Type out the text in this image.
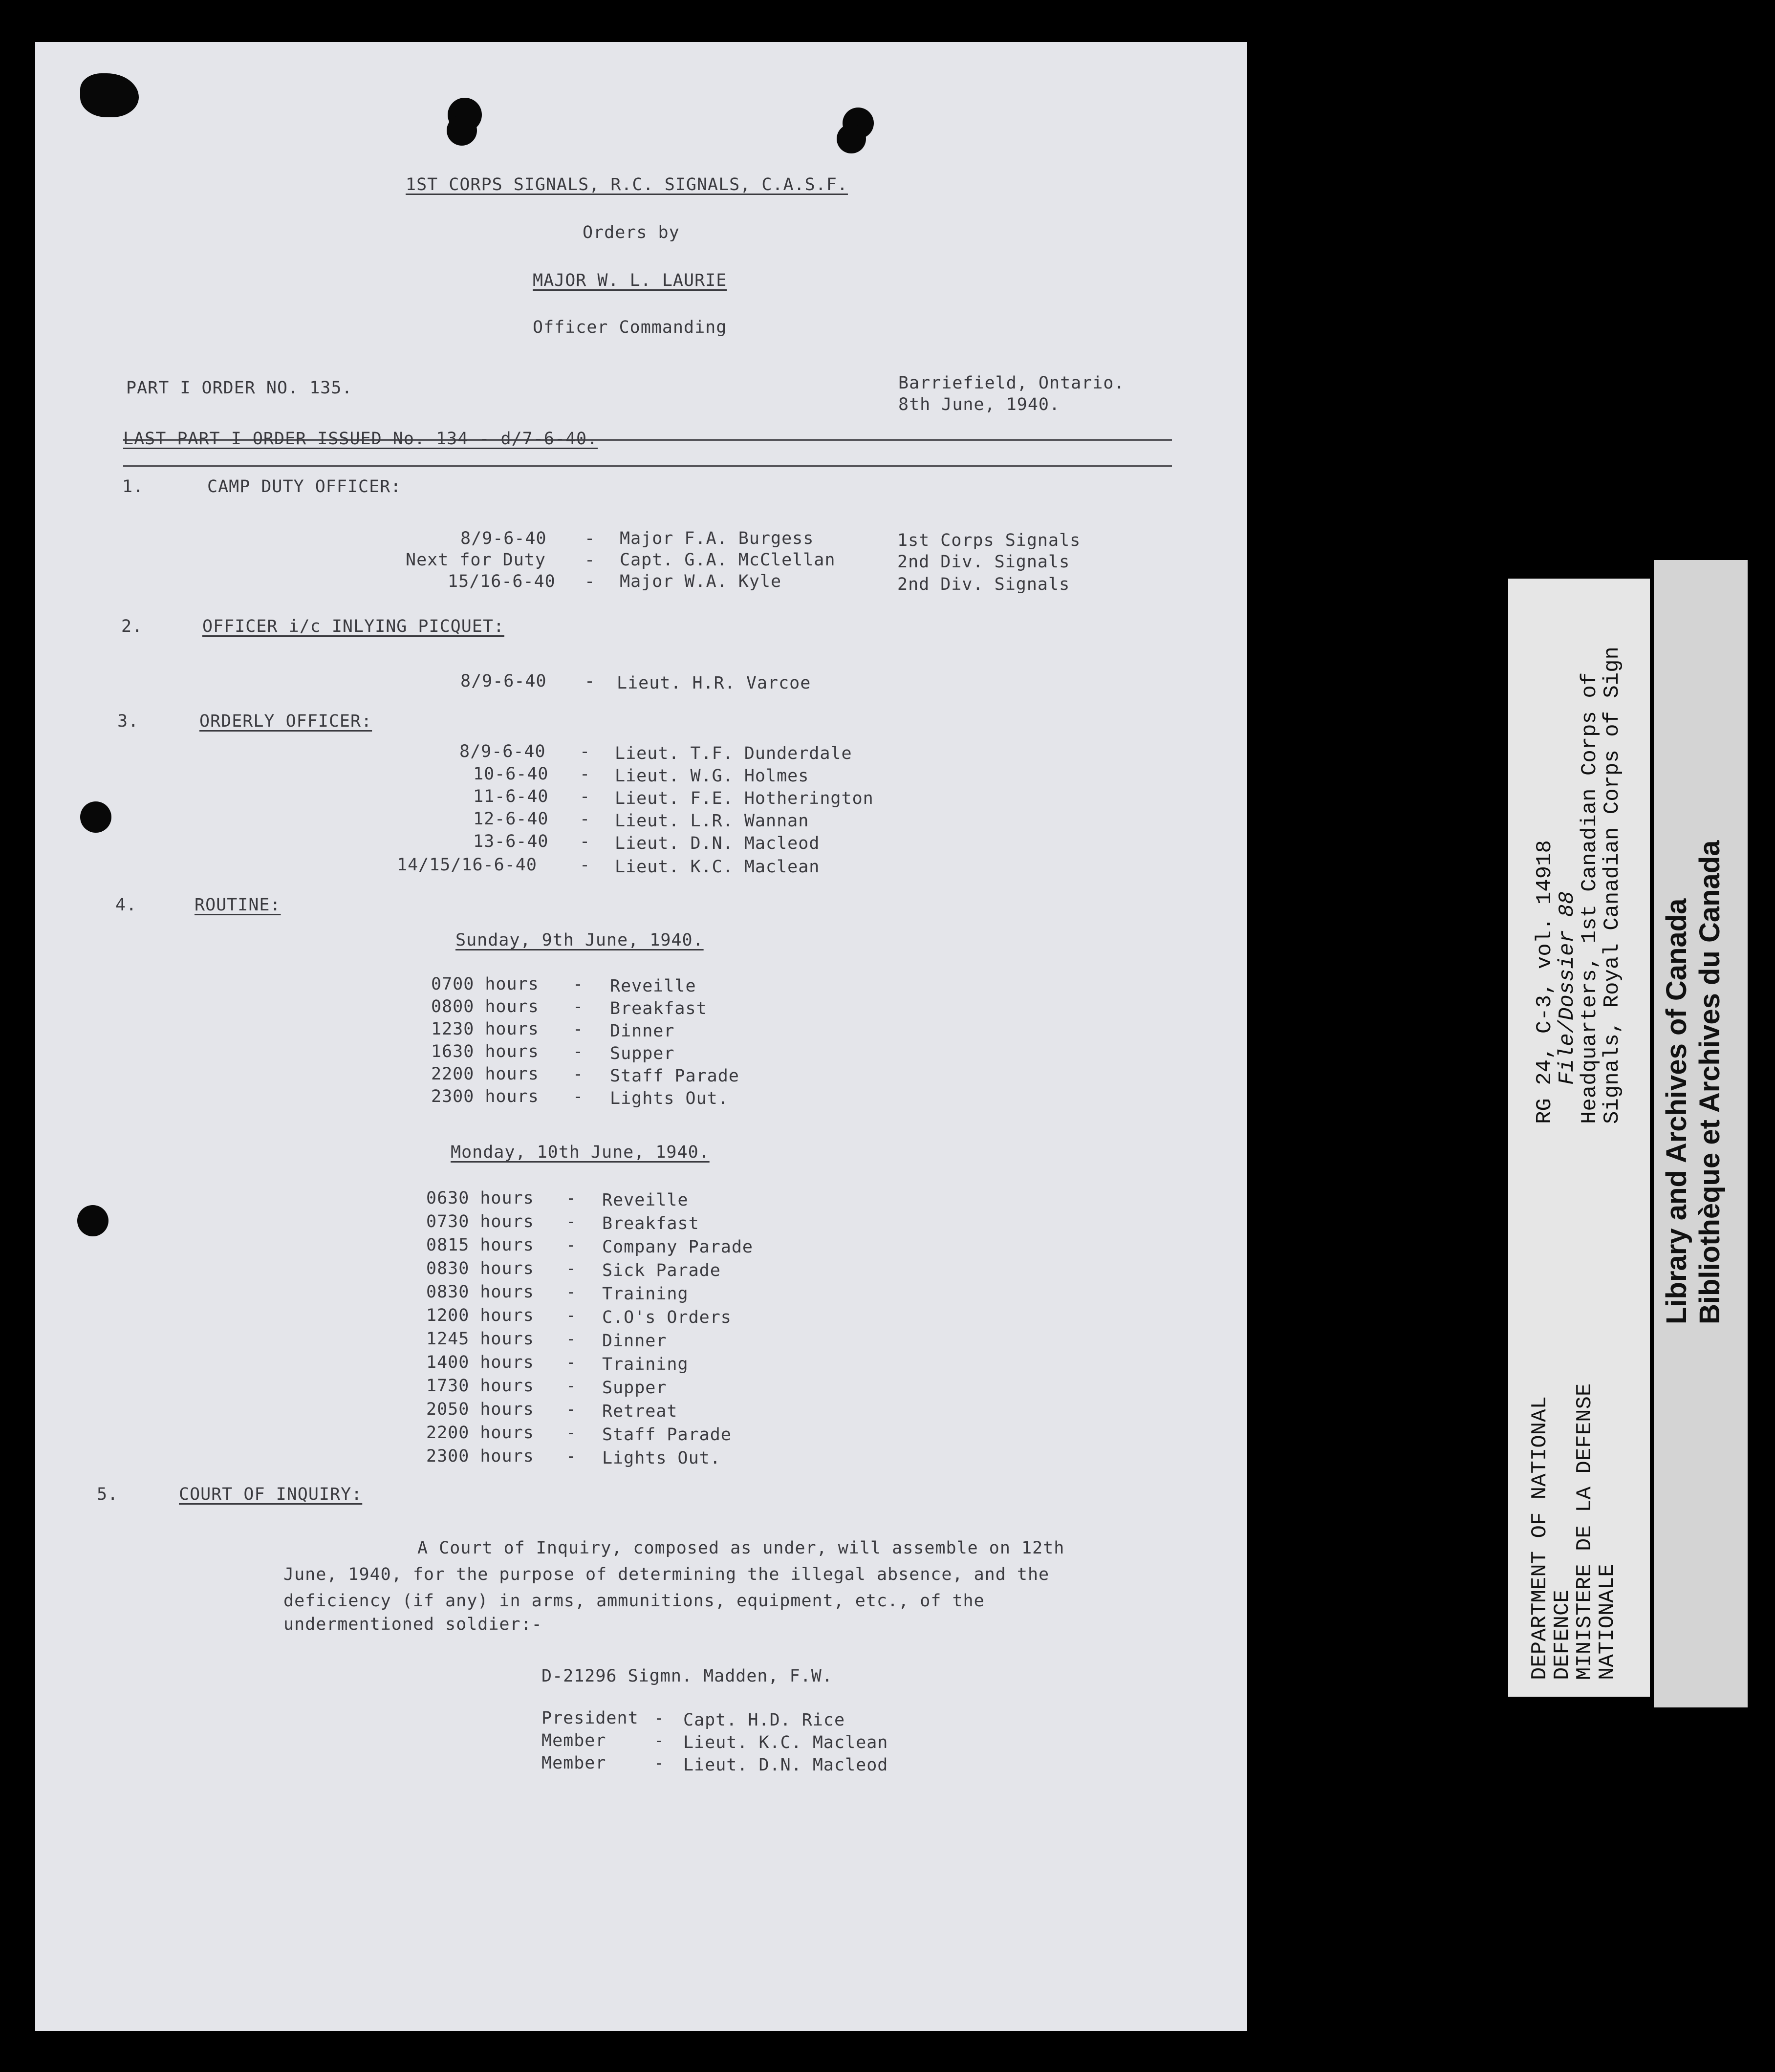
1ST CORPS SIGNALS, R.C. SIGNALS, C.A.S.F.
Orders by
MAJOR W. L. LAURIE
Officer Commanding
PART I ORDER NO. 135.	Barriefield, Ontario.
8th June, 1940.
LAST PART I ORDER ISSUED No. 134 - d/7-6-40.
1.	CAMP DUTY OFFICER:
8/9-6-40 - Major F.A. Burgess	1st Corps Signals
Next for Duty - Capt. G.A. McClellan	2nd Div. Signals
15/16-6-40 - Major W.A. Kyle	2nd Div. Signals
2.	OFFICER i/c INLYING PICQUET:
8/9-6-40 - Lieut. H.R. Varcoe
3.	ORDERLY OFFICER:
8/9-6-40 - Lieut. T.F. Dunderdale
10-6-40 - Lieut. W.G. Holmes
11-6-40 - Lieut. F.E. Hotherington
12-6-40 - Lieut. L.R. Wannan
13-6-40 - Lieut. D.N. Macleod
14/15/16-6-40 - Lieut. K.C. Maclean
4.	ROUTINE:
Sunday, 9th June, 1940.
0700 hours - Reveille
0800 hours - Breakfast
1230 hours - Dinner
1630 hours - Supper
2200 hours - Staff Parade
2300 hours - Lights Out.
Monday, 10th June, 1940.
0630 hours - Reveille
0730 hours - Breakfast
0815 hours - Company Parade
0830 hours - Sick Parade
0830 hours - Training
1200 hours - C.O's Orders
1245 hours - Dinner
1400 hours - Training
1730 hours - Supper
2050 hours - Retreat
2200 hours - Staff Parade
2300 hours - Lights Out.
5.	COURT OF INQUIRY:
A Court of Inquiry, composed as under, will assemble on 12th
June, 1940, for the purpose of determining the illegal absence, and the
deficiency (if any) in arms, ammunitions, equipment, etc., of the
undermentioned soldier:-
D-21296 Sigmn. Madden, F.W.
President - Capt. H.D. Rice
Member	- Lieut. K.C. Maclean
Member	- Lieut. D.N. Macleod
RG 24, C-3, vol. 14918
File/Dossier 88
Headquarters, 1st Canadian Corps of
Signals, Royal Canadian Corps of Sign
DEPARTMENT OF NATIONAL
DEFENCE
MINISTERE DE LA DEFENSE
NATIONALE
Library and Archives of Canada Bibliothèque et Archives du Canada
